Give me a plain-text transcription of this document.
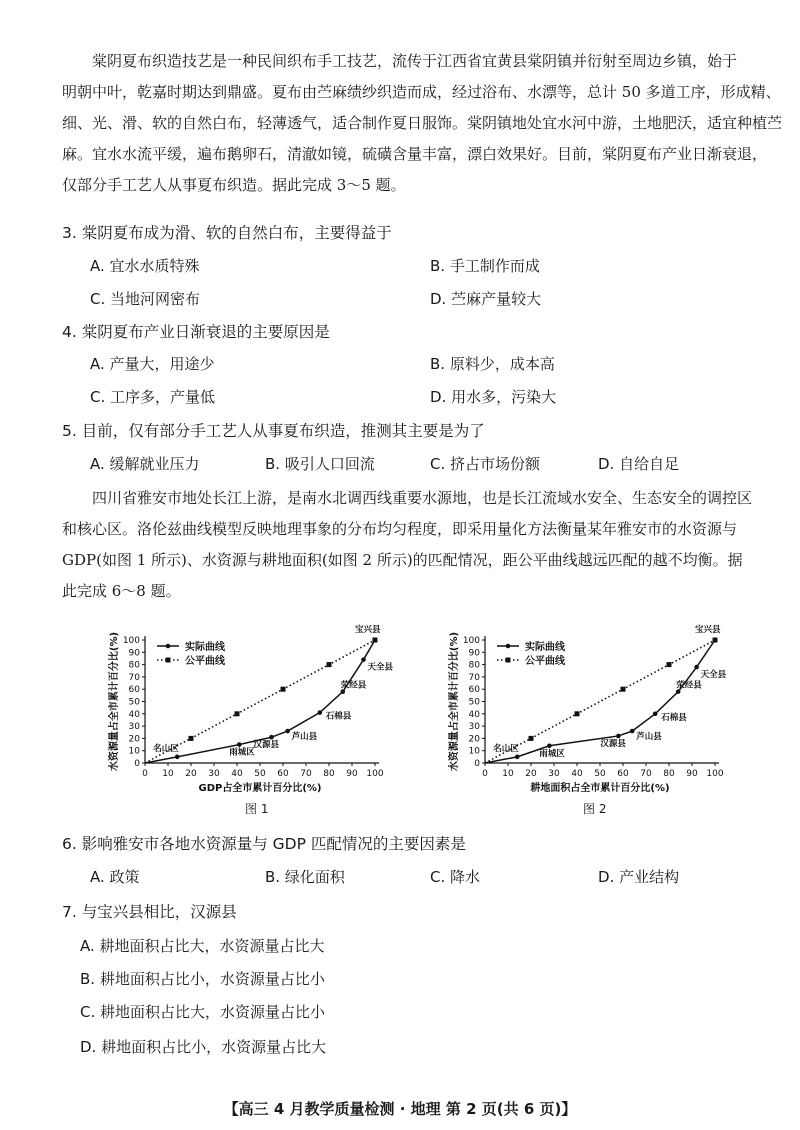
棠阴夏布织造技艺是一种民间织布手工技艺，流传于江西省宜黄县棠阴镇并衍射至周边乡镇，始于
明朝中叶，乾嘉时期达到鼎盛。夏布由苎麻绩纱织造而成，经过浴布、水漂等，总计 50 多道工序，形成精、
细、光、滑、软的自然白布，轻薄透气，适合制作夏日服饰。棠阴镇地处宜水河中游，土地肥沃，适宜种植苎
麻。宜水水流平缓，遍布鹅卵石，清澈如镜，硫磺含量丰富，漂白效果好。目前，棠阴夏布产业日渐衰退，
仅部分手工艺人从事夏布织造。据此完成 3～5 题。
3. 棠阴夏布成为滑、软的自然白布，主要得益于
A. 宜水水质特殊	B. 手工制作而成
C. 当地河网密布	D. 苎麻产量较大
4. 棠阴夏布产业日渐衰退的主要原因是
A. 产量大，用途少	B. 原料少，成本高
C. 工序多，产量低	D. 用水多，污染大
5. 目前，仅有部分手工艺人从事夏布织造，推测其主要是为了
A. 缓解就业压力	B. 吸引人口回流	C. 挤占市场份额	D. 自给自足
四川省雅安市地处长江上游，是南水北调西线重要水源地，也是长江流域水安全、生态安全的调控区
和核心区。洛伦兹曲线模型反映地理事象的分布均匀程度，即采用量化方法衡量某年雅安市的水资源与
GDP(如图 1 所示)、水资源与耕地面积(如图 2 所示)的匹配情况，距公平曲线越远匹配的越不均衡。据
此完成 6～8 题。
0 10 20 30 40 50 60 70 80 90 100
0
10
20
30
40
50
60
70
80
90
100
GDP占全市累计百分比(%)
水资源量占全市累计百分比(%)	名山区	雨城区
汉源县
芦山县
石棉县
荥经县
天全县
宝兴县
实际曲线
公平曲线
图 1
0 10 20 30 40 50 60 70 80 90 100
0
10
20
30
40
50
60
70
80
90
100
耕地面积占全市累计百分比(%)
水资源量占全市累计百分比(%)	名山区 雨城区
汉源县
芦山县
石棉县
荥经县
天全县
宝兴县
实际曲线
公平曲线
图 2
6. 影响雅安市各地水资源量与 GDP 匹配情况的主要因素是
A. 政策	B. 绿化面积	C. 降水	D. 产业结构
7. 与宝兴县相比，汉源县
A. 耕地面积占比大，水资源量占比大
B. 耕地面积占比小，水资源量占比小
C. 耕地面积占比大，水资源量占比小
D. 耕地面积占比小，水资源量占比大
【高三 4 月教学质量检测 · 地理 第 2 页(共 6 页)】
